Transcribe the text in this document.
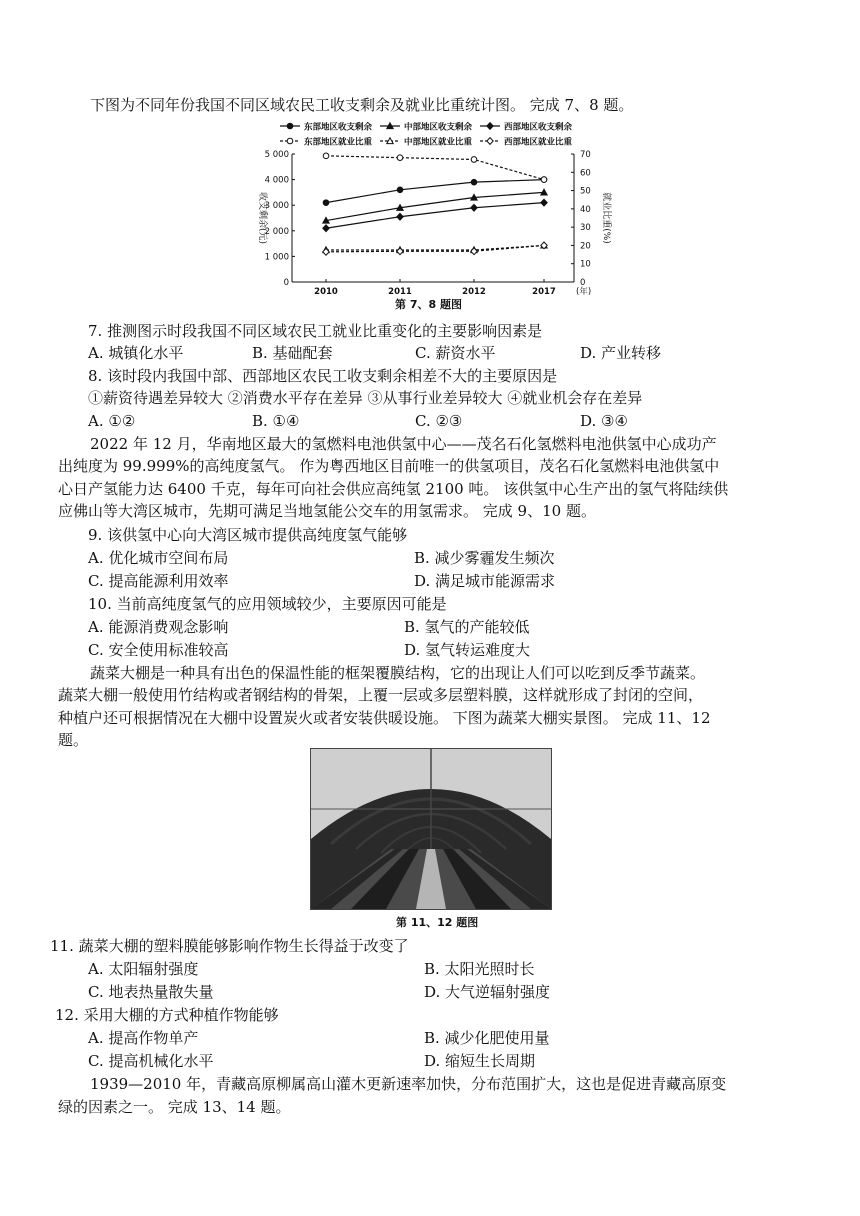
下图为不同年份我国不同区域农民工收支剩余及就业比重统计图。 完成 7、8 题。
东部地区收支剩余	中部地区收支剩余	西部地区收支剩余
东部地区就业比重	中部地区就业比重	西部地区就业比重
0
1 000
2 000
3 000
4 000
5 000
0
10
20
30
40
50
60
70
2010	2011	2012	2017 (年)
收支剩余(元)	就业比重(%)
第 7、8 题图
7. 推测图示时段我国不同区域农民工就业比重变化的主要影响因素是
A. 城镇化水平	B. 基础配套	C. 薪资水平	D. 产业转移
8. 该时段内我国中部、西部地区农民工收支剩余相差不大的主要原因是
①薪资待遇差异较大 ②消费水平存在差异 ③从事行业差异较大 ④就业机会存在差异
A. ①②	B. ①④	C. ②③	D. ③④
2022 年 12 月，华南地区最大的氢燃料电池供氢中心——茂名石化氢燃料电池供氢中心成功产
出纯度为 99.999%的高纯度氢气。 作为粤西地区目前唯一的供氢项目，茂名石化氢燃料电池供氢中
心日产氢能力达 6400 千克，每年可向社会供应高纯氢 2100 吨。 该供氢中心生产出的氢气将陆续供
应佛山等大湾区城市，先期可满足当地氢能公交车的用氢需求。 完成 9、10 题。
9. 该供氢中心向大湾区城市提供高纯度氢气能够
A. 优化城市空间布局	B. 减少雾霾发生频次
C. 提高能源利用效率	D. 满足城市能源需求
10. 当前高纯度氢气的应用领域较少，主要原因可能是
A. 能源消费观念影响	B. 氢气的产能较低
C. 安全使用标准较高	D. 氢气转运难度大
蔬菜大棚是一种具有出色的保温性能的框架覆膜结构，它的出现让人们可以吃到反季节蔬菜。
蔬菜大棚一般使用竹结构或者钢结构的骨架，上覆一层或多层塑料膜，这样就形成了封闭的空间，
种植户还可根据情况在大棚中设置炭火或者安装供暖设施。 下图为蔬菜大棚实景图。 完成 11、12
题。
第 11、12 题图
11. 蔬菜大棚的塑料膜能够影响作物生长得益于改变了
A. 太阳辐射强度	B. 太阳光照时长
C. 地表热量散失量	D. 大气逆辐射强度
12. 采用大棚的方式种植作物能够
A. 提高作物单产	B. 减少化肥使用量
C. 提高机械化水平	D. 缩短生长周期
1939—2010 年，青藏高原柳属高山灌木更新速率加快，分布范围扩大，这也是促进青藏高原变
绿的因素之一。 完成 13、14 题。
